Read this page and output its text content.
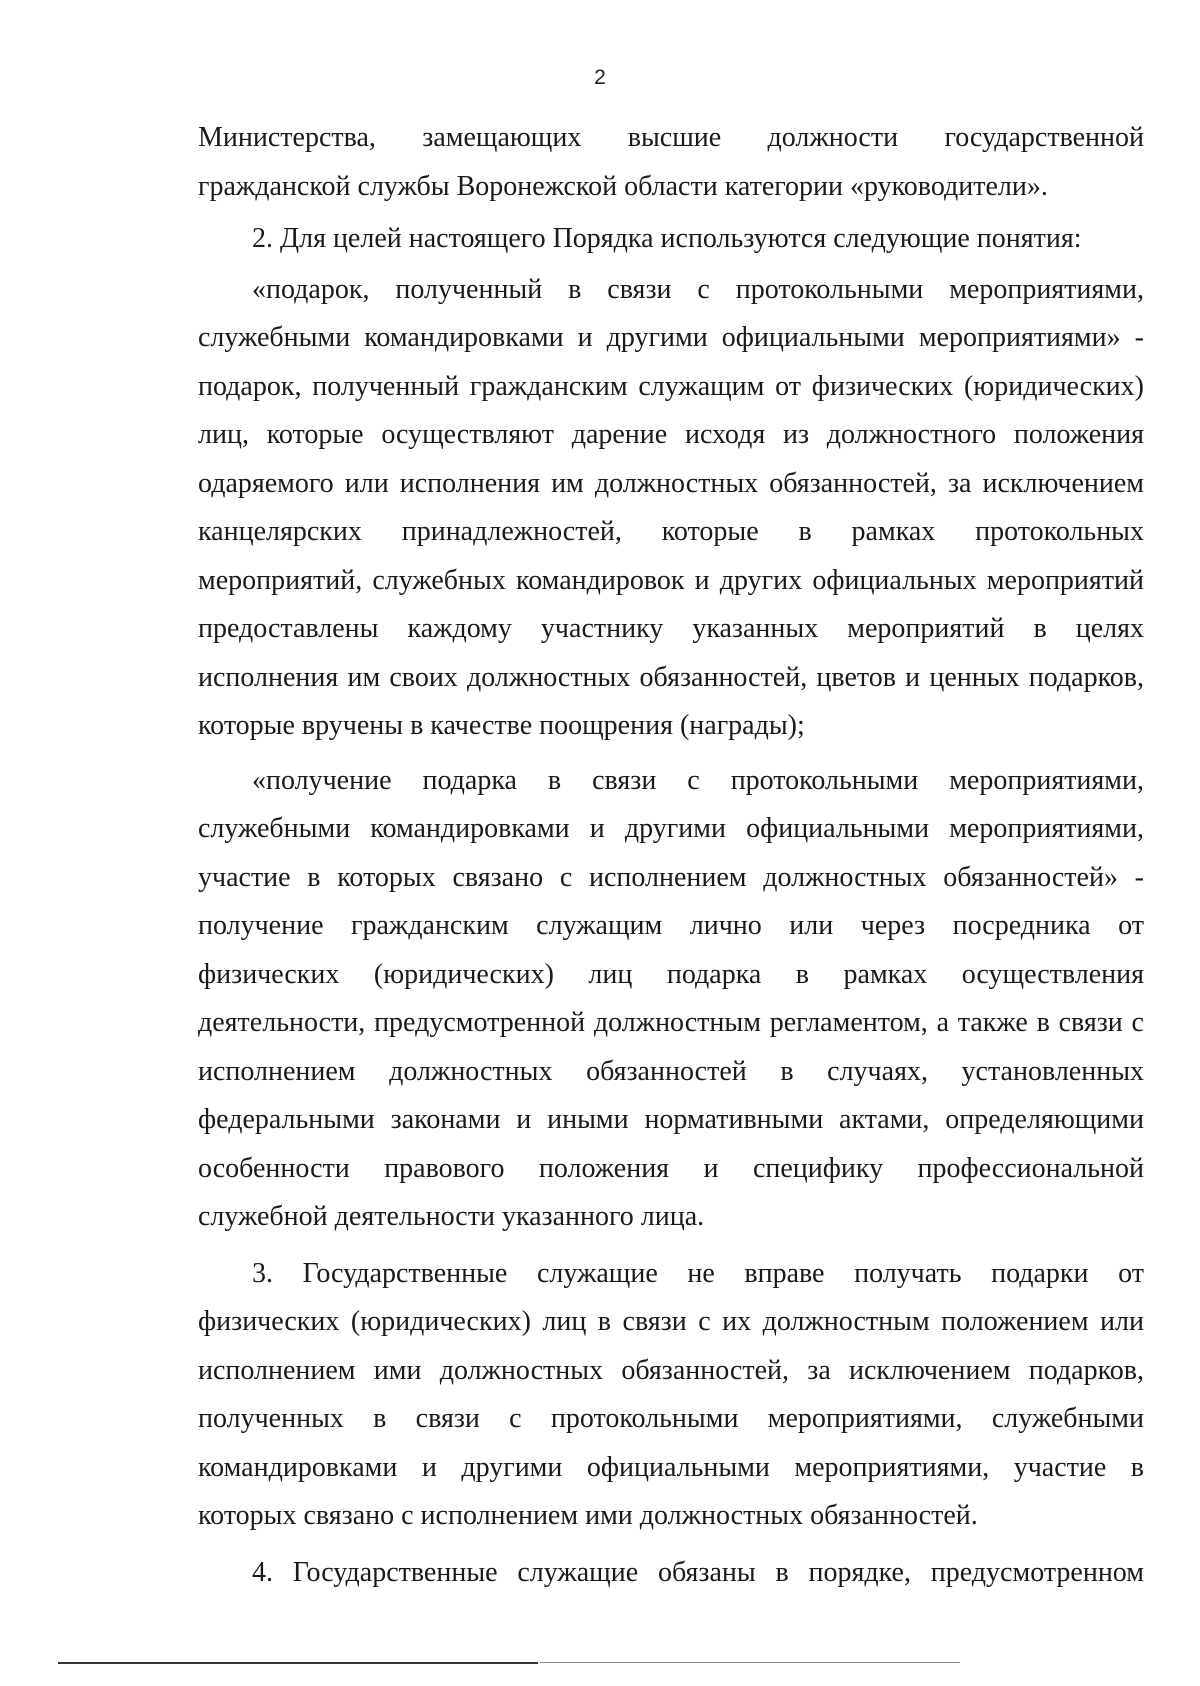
2
Министерства, замещающих высшие должности государственной
гражданской службы Воронежской области категории «руководители».
2. Для целей настоящего Порядка используются следующие понятия:
«подарок, полученный в связи с протокольными мероприятиями,
служебными командировками и другими официальными мероприятиями» -
подарок, полученный гражданским служащим от физических (юридических)
лиц, которые осуществляют дарение исходя из должностного положения
одаряемого или исполнения им должностных обязанностей, за исключением
канцелярских принадлежностей, которые в рамках протокольных
мероприятий, служебных командировок и других официальных мероприятий
предоставлены каждому участнику указанных мероприятий в целях
исполнения им своих должностных обязанностей, цветов и ценных подарков,
которые вручены в качестве поощрения (награды);
«получение подарка в связи с протокольными мероприятиями,
служебными командировками и другими официальными мероприятиями,
участие в которых связано с исполнением должностных обязанностей» -
получение гражданским служащим лично или через посредника от
физических (юридических) лиц подарка в рамках осуществления
деятельности, предусмотренной должностным регламентом, а также в связи с
исполнением должностных обязанностей в случаях, установленных
федеральными законами и иными нормативными актами, определяющими
особенности правового положения и специфику профессиональной
служебной деятельности указанного лица.
3. Государственные служащие не вправе получать подарки от
физических (юридических) лиц в связи с их должностным положением или
исполнением ими должностных обязанностей, за исключением подарков,
полученных в связи с протокольными мероприятиями, служебными
командировками и другими официальными мероприятиями, участие в
которых связано с исполнением ими должностных обязанностей.
4. Государственные служащие обязаны в порядке, предусмотренном
